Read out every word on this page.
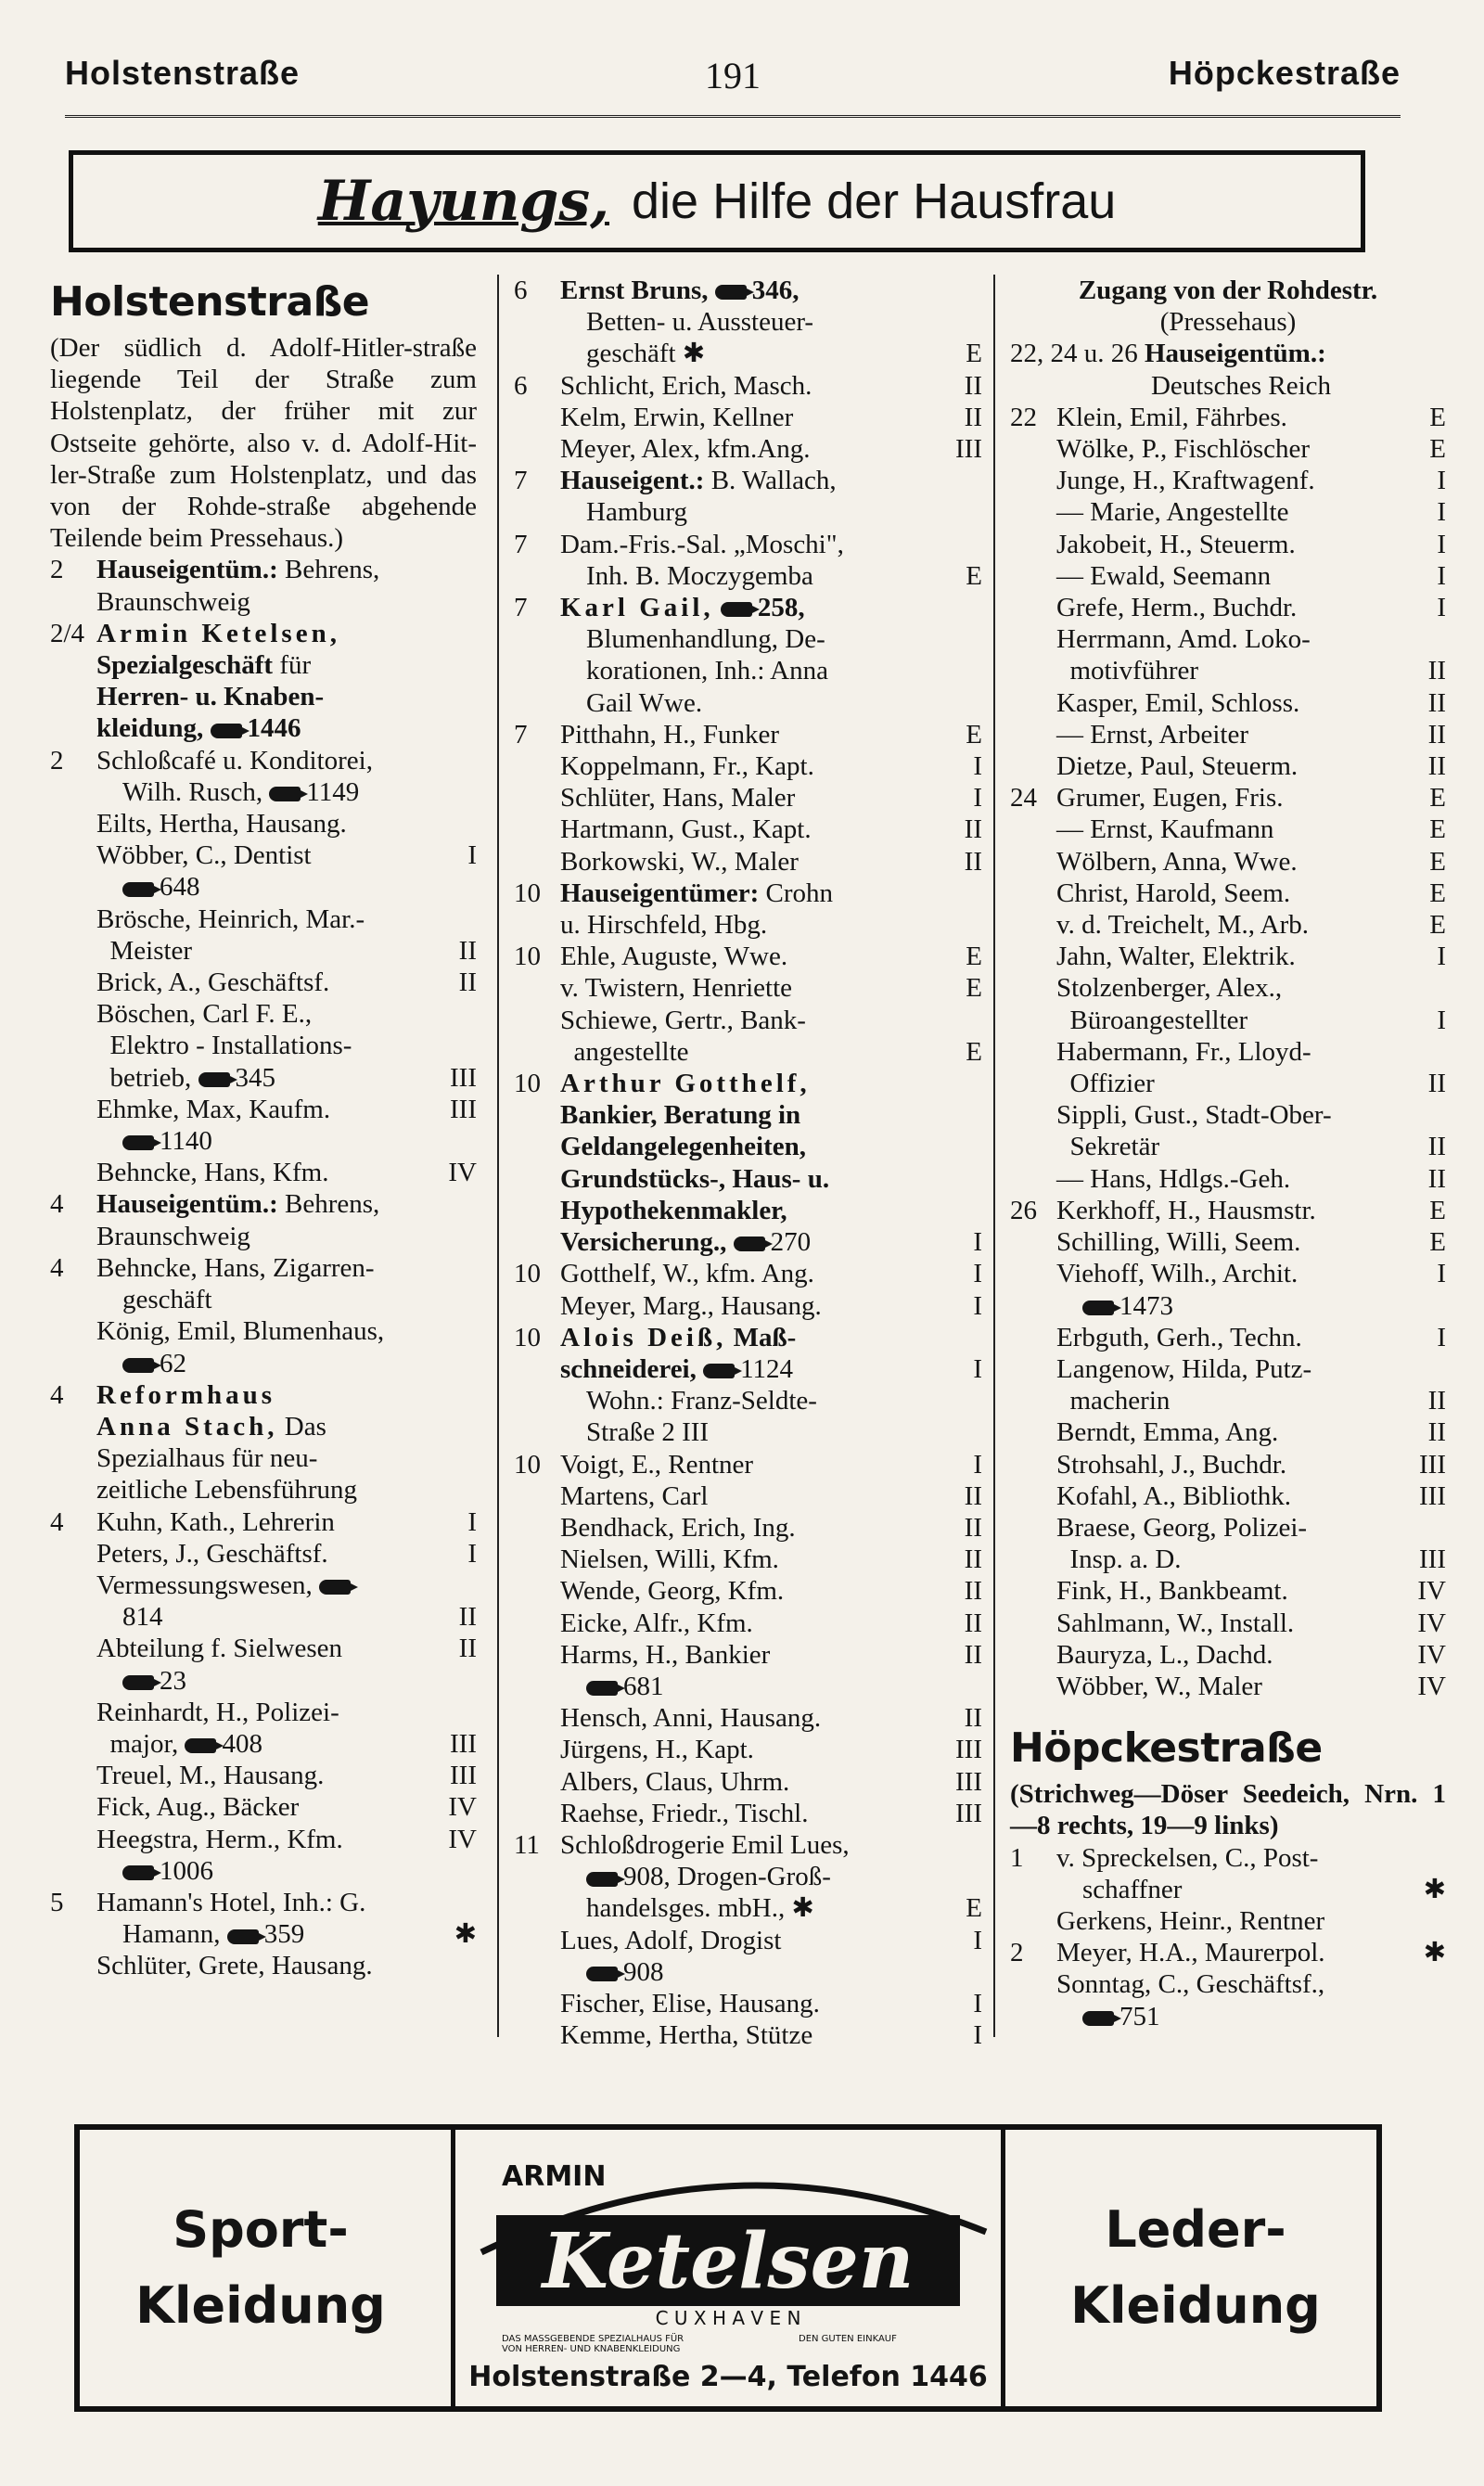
Holstenstraße	191	Höpckestraße
Hayungs, die Hilfe der Hausfrau
Holstenstraße
(Der südlich d. Adolf-Hitler-straße liegende Teil der Straße zum Holstenplatz, der früher mit zur Ostseite gehörte, also v. d. Adolf-Hit-ler-Straße zum Holstenplatz, und das von der Rohde-straße abgehende Teilende beim Pressehaus.)
2	Hauseigentüm.: Behrens,
Braunschweig
2/4 Armin Ketelsen,
Spezialgeschäft für
Herren- u. Knaben-
kleidung, 1446
2	Schloßcafé u. Konditorei,
Wilh. Rusch, 1149
Eilts, Hertha, Hausang.
Wöbber, C., Dentist	I
648
Brösche, Heinrich, Mar.-
Meister	II
Brick, A., Geschäftsf.	II
Böschen, Carl F. E.,
Elektro - Installations-
betrieb, 345	III
Ehmke, Max, Kaufm.	III
1140
Behncke, Hans, Kfm.	IV
4	Hauseigentüm.: Behrens,
Braunschweig
4	Behncke, Hans, Zigarren-
geschäft
König, Emil, Blumenhaus,
62
4	Reformhaus
Anna Stach, Das
Spezialhaus für neu-
zeitliche Lebensführung
4	Kuhn, Kath., Lehrerin	I
Peters, J., Geschäftsf.	I
Vermessungswesen,
814	II
Abteilung f. Sielwesen	II
23
Reinhardt, H., Polizei-
major, 408	III
Treuel, M., Hausang.	III
Fick, Aug., Bäcker	IV
Heegstra, Herm., Kfm.	IV
1006
5	Hamann's Hotel, Inh.: G.
Hamann, 359	✱
Schlüter, Grete, Hausang.
6	Ernst Bruns, 346,
Betten- u. Aussteuer-
geschäft ✱	E
6	Schlicht, Erich, Masch.	II
Kelm, Erwin, Kellner	II
Meyer, Alex, kfm.Ang.	III
7	Hauseigent.: B. Wallach,
Hamburg
7	Dam.-Fris.-Sal. „Moschi",
Inh. B. Moczygemba	E
7	Karl Gail, 258,
Blumenhandlung, De-
korationen, Inh.: Anna
Gail Wwe.
7	Pitthahn, H., Funker	E
Koppelmann, Fr., Kapt.	I
Schlüter, Hans, Maler	I
Hartmann, Gust., Kapt.	II
Borkowski, W., Maler	II
10 Hauseigentümer: Crohn
u. Hirschfeld, Hbg.
10 Ehle, Auguste, Wwe.	E
v. Twistern, Henriette	E
Schiewe, Gertr., Bank-
angestellte	E
10 Arthur Gotthelf,
Bankier, Beratung in
Geldangelegenheiten,
Grundstücks-, Haus- u.
Hypothekenmakler,
Versicherung., 270	I
10 Gotthelf, W., kfm. Ang.	I
Meyer, Marg., Hausang.	I
10 Alois Deiß, Maß-
schneiderei, 1124	I
Wohn.: Franz-Seldte-
Straße 2 III
10 Voigt, E., Rentner	I
Martens, Carl	II
Bendhack, Erich, Ing.	II
Nielsen, Willi, Kfm.	II
Wende, Georg, Kfm.	II
Eicke, Alfr., Kfm.	II
Harms, H., Bankier	II
681
Hensch, Anni, Hausang.	II
Jürgens, H., Kapt.	III
Albers, Claus, Uhrm.	III
Raehse, Friedr., Tischl.	III
11 Schloßdrogerie Emil Lues,
908, Drogen-Groß-
handelsges. mbH., ✱	E
Lues, Adolf, Drogist	I
908
Fischer, Elise, Hausang.	I
Kemme, Hertha, Stütze	I
Zugang von der Rohdestr.
(Pressehaus)
22, 24 u. 26 Hauseigentüm.:
Deutsches Reich
22 Klein, Emil, Fährbes.	E
Wölke, P., Fischlöscher	E
Junge, H., Kraftwagenf.	I
— Marie, Angestellte	I
Jakobeit, H., Steuerm.	I
— Ewald, Seemann	I
Grefe, Herm., Buchdr.	I
Herrmann, Amd. Loko-
motivführer	II
Kasper, Emil, Schloss.	II
— Ernst, Arbeiter	II
Dietze, Paul, Steuerm.	II
24 Grumer, Eugen, Fris.	E
— Ernst, Kaufmann	E
Wölbern, Anna, Wwe.	E
Christ, Harold, Seem.	E
v. d. Treichelt, M., Arb.	E
Jahn, Walter, Elektrik.	I
Stolzenberger, Alex.,
Büroangestellter	I
Habermann, Fr., Lloyd-
Offizier	II
Sippli, Gust., Stadt-Ober-
Sekretär	II
— Hans, Hdlgs.-Geh.	II
26 Kerkhoff, H., Hausmstr.	E
Schilling, Willi, Seem.	E
Viehoff, Wilh., Archit.	I
1473
Erbguth, Gerh., Techn.	I
Langenow, Hilda, Putz-
macherin	II
Berndt, Emma, Ang.	II
Strohsahl, J., Buchdr.	III
Kofahl, A., Bibliothk.	III
Braese, Georg, Polizei-
Insp. a. D.	III
Fink, H., Bankbeamt.	IV
Sahlmann, W., Install.	IV
Bauryza, L., Dachd.	IV
Wöbber, W., Maler	IV
Höpckestraße
(Strichweg—Döser Seedeich, Nrn. 1—8 rechts, 19—9 links)
1	v. Spreckelsen, C., Post-
schaffner	✱
Gerkens, Heinr., Rentner
2	Meyer, H.A., Maurerpol.	✱
Sonntag, C., Geschäftsf.,
751
Sport-
Kleidung
ARMIN
Ketelsen
C U X H A V E N
DAS MASSGEBENDE SPEZIALHAUS FÜR
VON HERREN- UND KNABENKLEIDUNG
DEN GUTEN EINKAUF
Holstenstraße 2—4, Telefon 1446
Leder-
Kleidung
